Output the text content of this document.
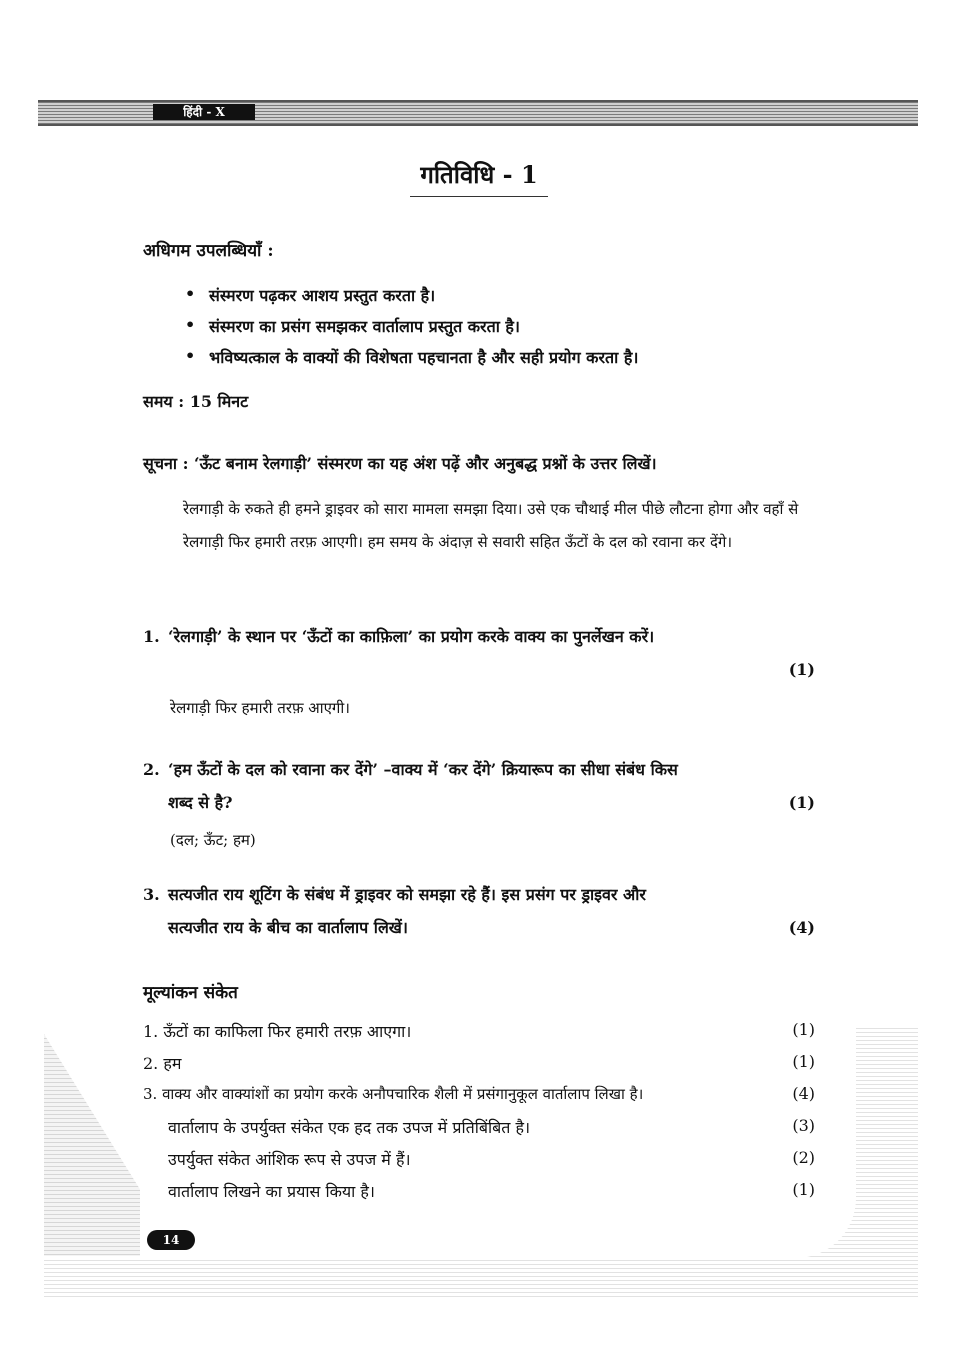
हिंदी - X
गतिविधि - 1
अधिगम उपलब्धियाँ :
• संस्मरण पढ़कर आशय प्रस्तुत करता है।
• संस्मरण का प्रसंग समझकर वार्तालाप प्रस्तुत करता है।
• भविष्यत्काल के वाक्यों की विशेषता पहचानता है और सही प्रयोग करता है।
समय : 15 मिनट
सूचना : ‘ऊँट बनाम रेलगाड़ी’ संस्मरण का यह अंश पढ़ें और अनुबद्ध प्रश्नों के उत्तर लिखें।
रेलगाड़ी के रुकते ही हमने ड्राइवर को सारा मामला समझा दिया। उसे एक चौथाई मील पीछे लौटना होगा और वहाँ से रेलगाड़ी फिर हमारी तरफ़ आएगी। हम समय के अंदाज़ से सवारी सहित ऊँटों के दल को रवाना कर देंगे।
1. ‘रेलगाड़ी’ के स्थान पर ‘ऊँटों का काफ़िला’ का प्रयोग करके वाक्य का पुनर्लेखन करें।
(1)
रेलगाड़ी फिर हमारी तरफ़ आएगी।
2. ‘हम ऊँटों के दल को रवाना कर देंगे’ –वाक्य में ‘कर देंगे’ क्रियारूप का सीधा संबंध किस
शब्द से है?	(1)
(दल; ऊँट; हम)
3. सत्यजीत राय शूटिंग के संबंध में ड्राइवर को समझा रहे हैं। इस प्रसंग पर ड्राइवर और
सत्यजीत राय के बीच का वार्तालाप लिखें।	(4)
मूल्यांकन संकेत
1. ऊँटों का काफिला फिर हमारी तरफ़ आएगा।	(1)
2. हम	(1)
3. वाक्य और वाक्यांशों का प्रयोग करके अनौपचारिक शैली में प्रसंगानुकूल वार्तालाप लिखा है।	(4)
वार्तालाप के उपर्युक्त संकेत एक हद तक उपज में प्रतिबिंबित है।	(3)
उपर्युक्त संकेत आंशिक रूप से उपज में हैं।	(2)
वार्तालाप लिखने का प्रयास किया है।	(1)
14
